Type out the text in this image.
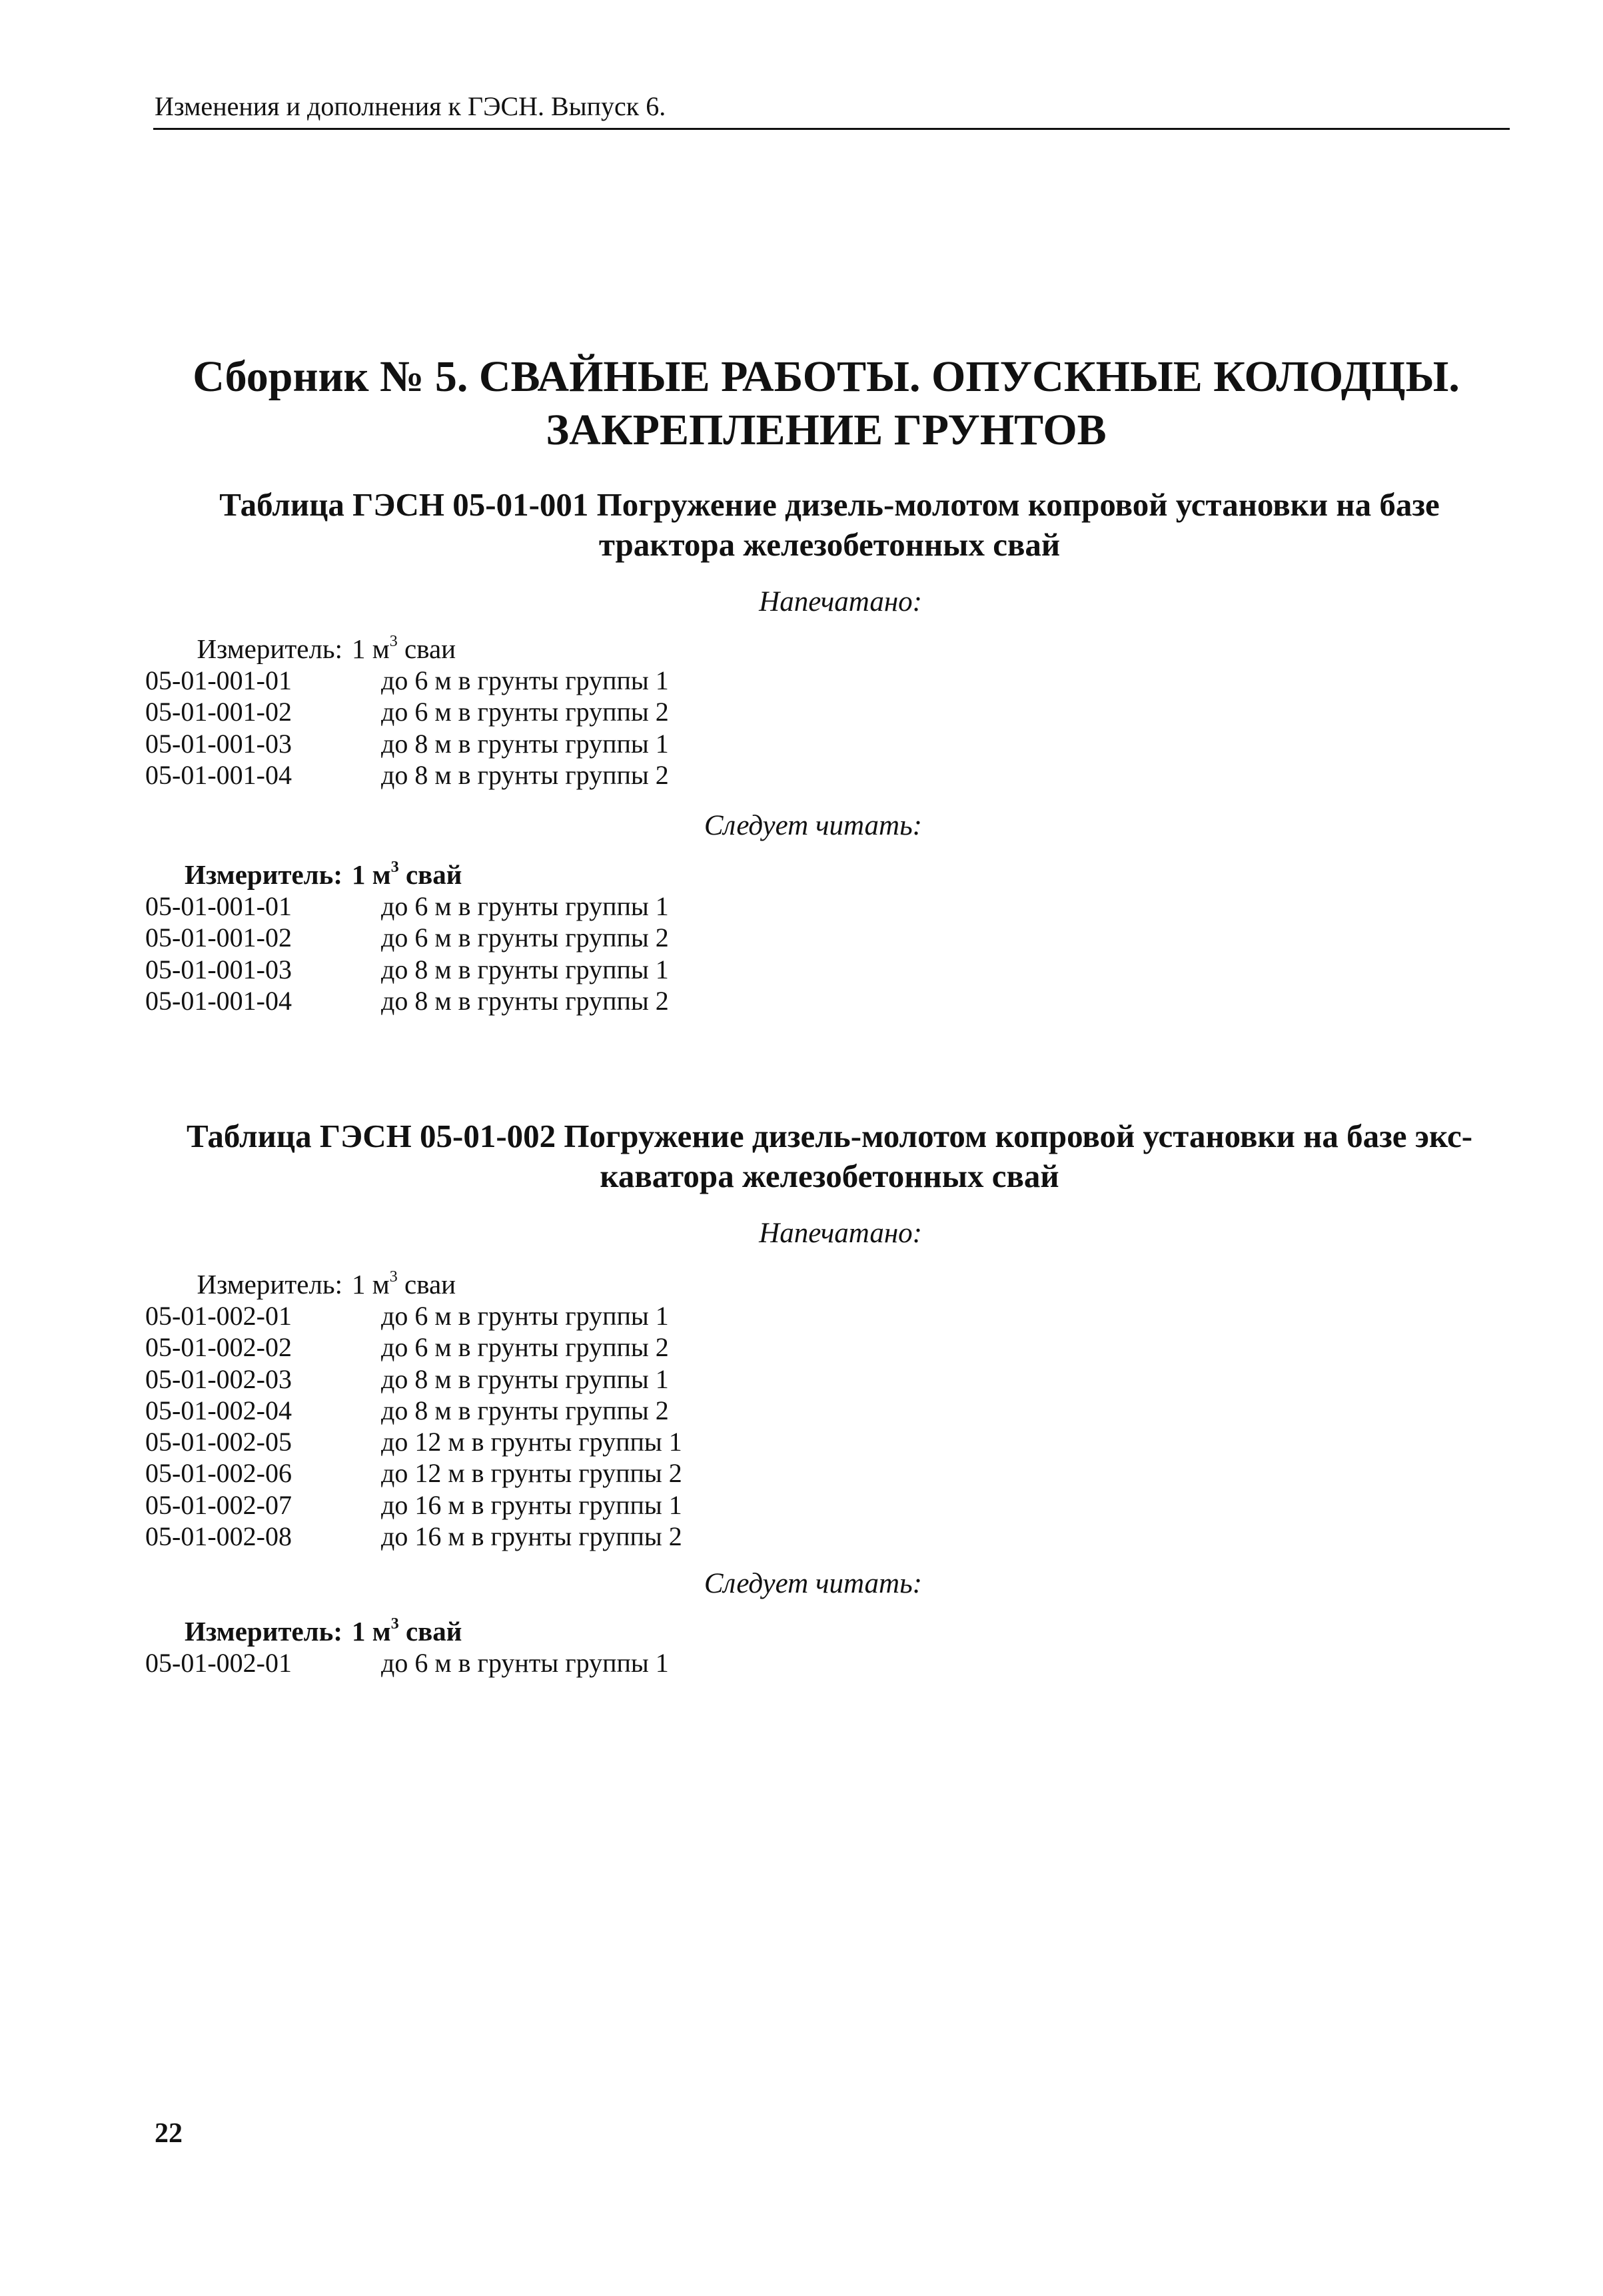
Изменения и дополнения к ГЭСН. Выпуск 6.
Сборник № 5. СВАЙНЫЕ РАБОТЫ. ОПУСКНЫЕ КОЛОДЦЫ.
ЗАКРЕПЛЕНИЕ ГРУНТОВ
Таблица ГЭСН 05-01-001 Погружение дизель-молотом копровой установки на базе
трактора железобетонных свай
Напечатано:
Измеритель: 1 $м^3$ сваи
05-01-001-01	до 6 м в грунты группы 1
05-01-001-02	до 6 м в грунты группы 2
05-01-001-03	до 8 м в грунты группы 1
05-01-001-04	до 8 м в грунты группы 2
Следует читать:
Измеритель: 1 $м^3$ свай
05-01-001-01	до 6 м в грунты группы 1
05-01-001-02	до 6 м в грунты группы 2
05-01-001-03	до 8 м в грунты группы 1
05-01-001-04	до 8 м в грунты группы 2
Таблица ГЭСН 05-01-002 Погружение дизель-молотом копровой установки на базе экс-
каватора железобетонных свай
Напечатано:
Измеритель: 1 $м^3$ сваи
05-01-002-01	до 6 м в грунты группы 1
05-01-002-02	до 6 м в грунты группы 2
05-01-002-03	до 8 м в грунты группы 1
05-01-002-04	до 8 м в грунты группы 2
05-01-002-05	до 12 м в грунты группы 1
05-01-002-06	до 12 м в грунты группы 2
05-01-002-07	до 16 м в грунты группы 1
05-01-002-08	до 16 м в грунты группы 2
Следует читать:
Измеритель: 1 $м^3$ свай
05-01-002-01	до 6 м в грунты группы 1
22
